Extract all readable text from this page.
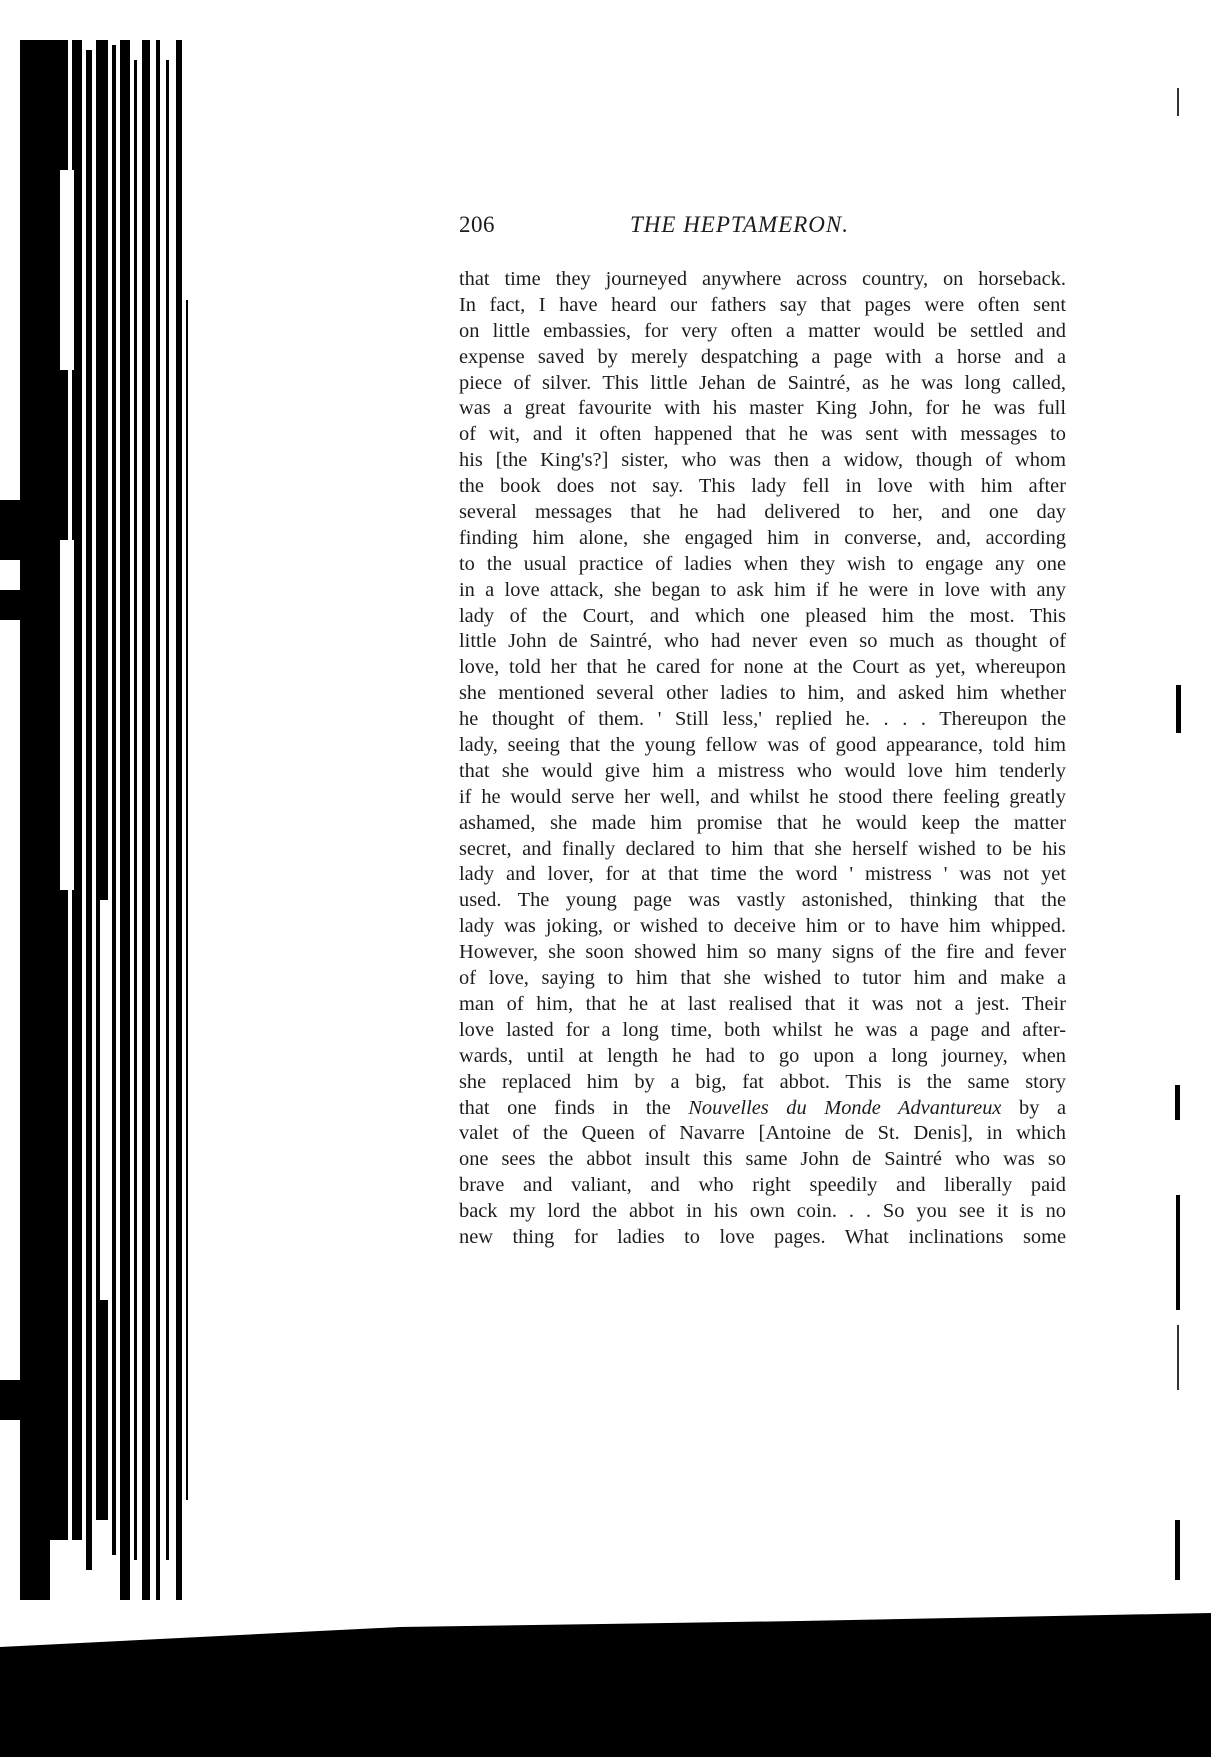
206	THE HEPTAMERON.
that time they journeyed anywhere across country, on horseback.
In fact, I have heard our fathers say that pages were often sent
on little embassies, for very often a matter would be settled and
expense saved by merely despatching a page with a horse and a
piece of silver. This little Jehan de Saintré, as he was long called,
was a great favourite with his master King John, for he was full
of wit, and it often happened that he was sent with messages to
his [the King's?] sister, who was then a widow, though of whom
the book does not say. This lady fell in love with him after
several messages that he had delivered to her, and one day
finding him alone, she engaged him in converse, and, according
to the usual practice of ladies when they wish to engage any one
in a love attack, she began to ask him if he were in love with any
lady of the Court, and which one pleased him the most. This
little John de Saintré, who had never even so much as thought of
love, told her that he cared for none at the Court as yet, whereupon
she mentioned several other ladies to him, and asked him whether
he thought of them. ' Still less,' replied he. . . . Thereupon the
lady, seeing that the young fellow was of good appearance, told him
that she would give him a mistress who would love him tenderly
if he would serve her well, and whilst he stood there feeling greatly
ashamed, she made him promise that he would keep the matter
secret, and finally declared to him that she herself wished to be his
lady and lover, for at that time the word ' mistress ' was not yet
used. The young page was vastly astonished, thinking that the
lady was joking, or wished to deceive him or to have him whipped.
However, she soon showed him so many signs of the fire and fever
of love, saying to him that she wished to tutor him and make a
man of him, that he at last realised that it was not a jest. Their
love lasted for a long time, both whilst he was a page and after-
wards, until at length he had to go upon a long journey, when
she replaced him by a big, fat abbot. This is the same story
that one finds in the Nouvelles du Monde Advantureux by a
valet of the Queen of Navarre [Antoine de St. Denis], in which
one sees the abbot insult this same John de Saintré who was so
brave and valiant, and who right speedily and liberally paid
back my lord the abbot in his own coin. . . So you see it is no
new thing for ladies to love pages. What inclinations some
